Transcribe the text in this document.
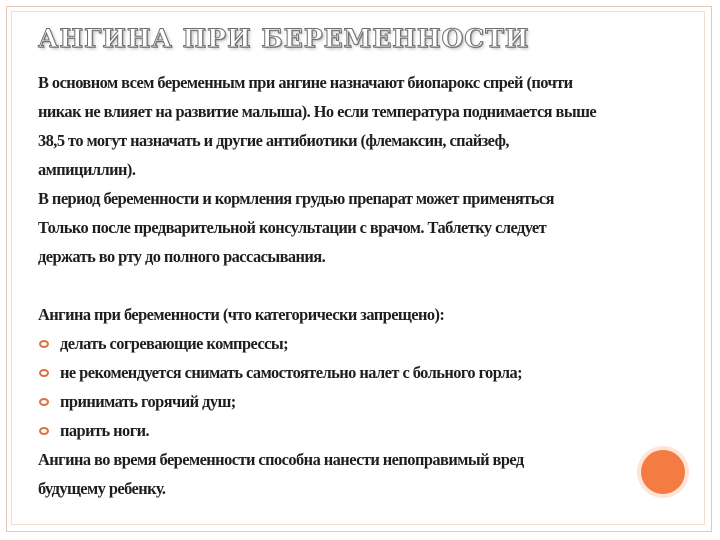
АНГИНА ПРИ БЕРЕМЕННОСТИ
В основном всем беременным при ангине назначают биопарокс спрей (почти
никак не влияет на развитие малыша). Но если температура поднимается выше
38,5 то могут назначать и другие антибиотики (флемаксин, спайзеф,
ампициллин).
В период беременности и кормления грудью препарат может применяться
Только после предварительной консультации с врачом. Таблетку следует
держать во рту до полного рассасывания.
Ангина при беременности (что категорически запрещено):
делать согревающие компрессы;
не рекомендуется снимать самостоятельно налет с больного горла;
принимать горячий душ;
парить ноги.
Ангина во время беременности способна нанести непоправимый вред
будущему ребенку.
